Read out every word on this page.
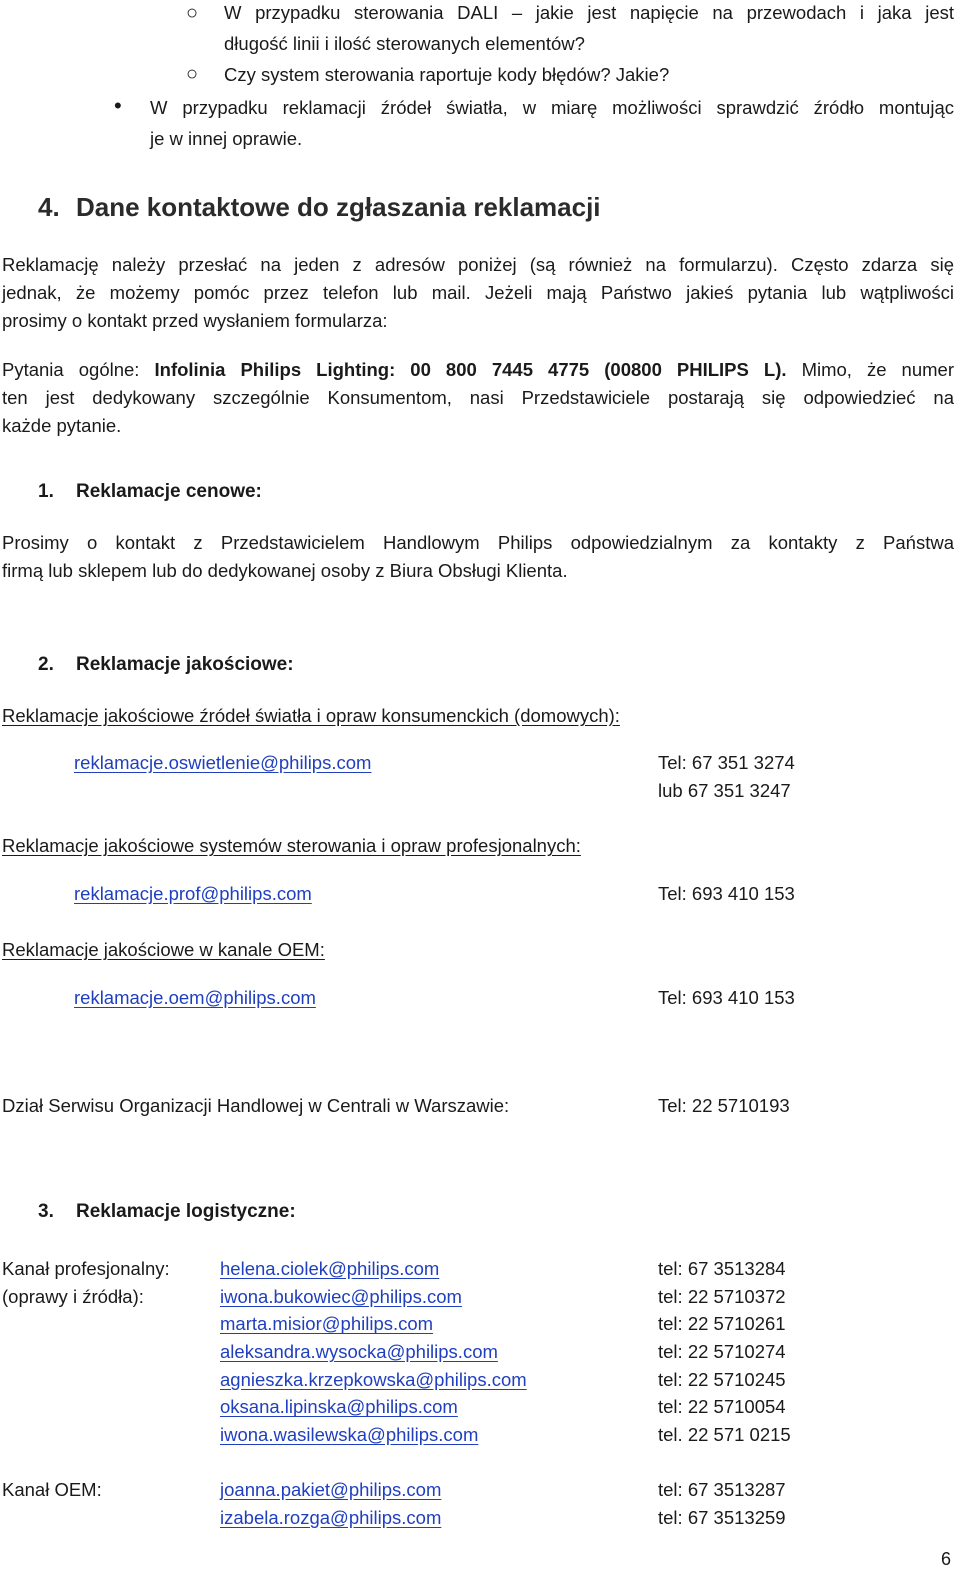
○ W przypadku sterowania DALI – jakie jest napięcie na przewodach i jaka jest
długość linii i ilość sterowanych elementów?
○ Czy system sterowania raportuje kody błędów? Jakie?
• W przypadku reklamacji źródeł światła, w miarę możliwości sprawdzić źródło montując
je w innej oprawie.
4. Dane kontaktowe do zgłaszania reklamacji
Reklamację należy przesłać na jeden z adresów poniżej (są również na formularzu). Często zdarza się
jednak, że możemy pomóc przez telefon lub mail. Jeżeli mają Państwo jakieś pytania lub wątpliwości
prosimy o kontakt przed wysłaniem formularza:
Pytania ogólne: Infolinia Philips Lighting: 00 800 7445 4775 (00800 PHILIPS L). Mimo, że numer
ten jest dedykowany szczególnie Konsumentom, nasi Przedstawiciele postarają się odpowiedzieć na
każde pytanie.
1. Reklamacje cenowe:
Prosimy o kontakt z Przedstawicielem Handlowym Philips odpowiedzialnym za kontakty z Państwa
firmą lub sklepem lub do dedykowanej osoby z Biura Obsługi Klienta.
2. Reklamacje jakościowe:
Reklamacje jakościowe źródeł światła i opraw konsumenckich (domowych):
reklamacje.oswietlenie@philips.com	Tel: 67 351 3274
lub 67 351 3247
Reklamacje jakościowe systemów sterowania i opraw profesjonalnych:
reklamacje.prof@philips.com	Tel: 693 410 153
Reklamacje jakościowe w kanale OEM:
reklamacje.oem@philips.com	Tel: 693 410 153
Dział Serwisu Organizacji Handlowej w Centrali w Warszawie:	Tel: 22 5710193
3. Reklamacje logistyczne:
Kanał profesjonalny:
(oprawy i źródła):
helena.ciolek@philips.com	tel: 67 3513284
iwona.bukowiec@philips.com	tel: 22 5710372
marta.misior@philips.com	tel: 22 5710261
aleksandra.wysocka@philips.com	tel: 22 5710274
agnieszka.krzepkowska@philips.com	tel: 22 5710245
oksana.lipinska@philips.com	tel: 22 5710054
iwona.wasilewska@philips.com	tel. 22 571 0215
Kanał OEM:	joanna.pakiet@philips.com	tel: 67 3513287
izabela.rozga@philips.com	tel: 67 3513259
6
